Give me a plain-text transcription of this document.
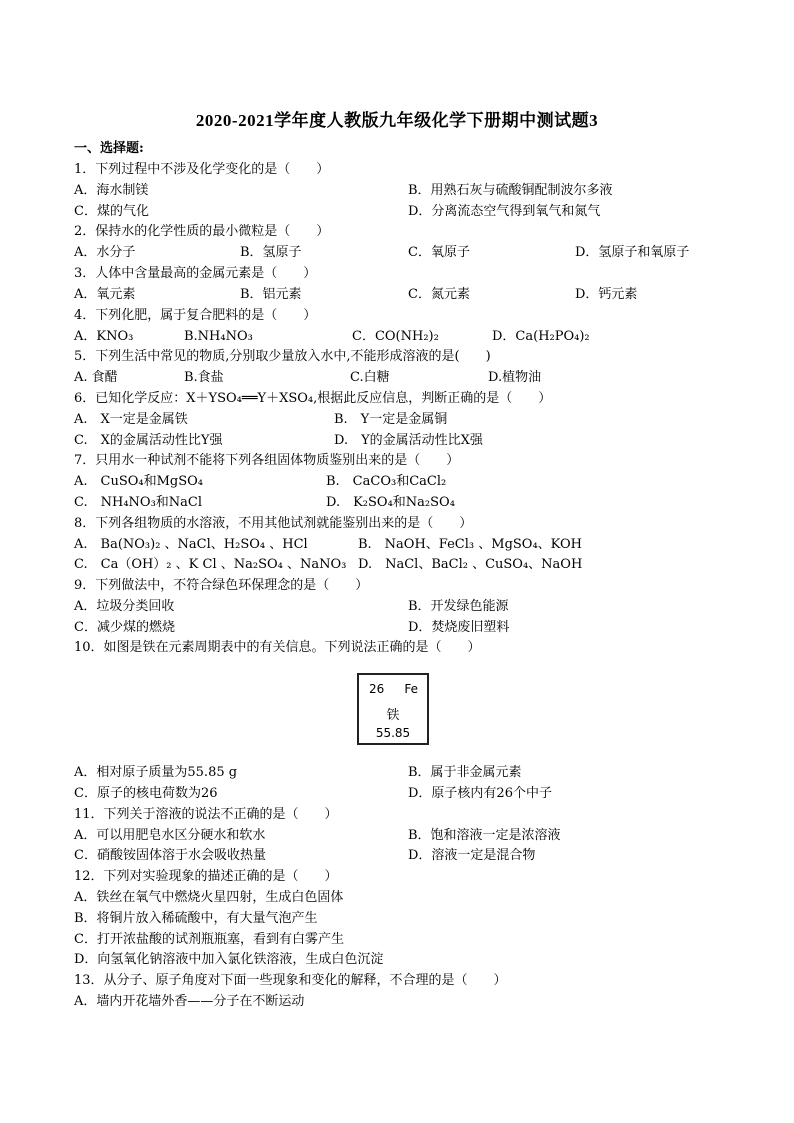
2020-2021学年度人教版九年级化学下册期中测试题3
一、选择题:
1．下列过程中不涉及化学变化的是（　　）
A．海水制镁	B．用熟石灰与硫酸铜配制波尔多液
C．煤的气化	D．分离流态空气得到氧气和氮气
2．保持水的化学性质的最小微粒是（　　）
A．水分子	B．氢原子	C．氧原子	D．氢原子和氧原子
3．人体中含量最高的金属元素是（　　）
A．氧元素	B．铝元素	C．氮元素	D．钙元素
4．下列化肥，属于复合肥料的是（　　）
A．KNO₃	B.NH₄NO₃	C．CO(NH₂)₂	D．Ca(H₂PO₄)₂
5．下列生活中常见的物质,分别取少量放入水中,不能形成溶液的是(　　)
A. 食醋	B.食盐	C.白糖	D.植物油
6．已知化学反应：X＋YSO₄══Y＋XSO₄,根据此反应信息，判断正确的是（　　）
A.　X一定是金属铁	B.　Y一定是金属铜
C.　X的金属活动性比Y强	D.　Y的金属活动性比X强
7．只用水一种试剂不能将下列各组固体物质鉴别出来的是（　　）
A.　CuSO₄和MgSO₄	B.　CaCO₃和CaCl₂
C.　NH₄NO₃和NaCl	D.　K₂SO₄和Na₂SO₄
8．下列各组物质的水溶液，不用其他试剂就能鉴别出来的是（　　）
A.　Ba(NO₃)₂ 、NaCl、H₂SO₄ 、HCl	B.　NaOH、FeCl₃ 、MgSO₄、KOH
C.　Ca（OH）₂ 、K Cl 、Na₂SO₄ 、NaNO₃ D.　NaCl、BaCl₂ 、CuSO₄、NaOH
9．下列做法中，不符合绿色环保理念的是（　　）
A．垃圾分类回收	B．开发绿色能源
C．减少煤的燃烧	D．焚烧废旧塑料
10．如图是铁在元素周期表中的有关信息。下列说法正确的是（　　）
26 Fe
铁
55.85
A．相对原子质量为55.85 g	B．属于非金属元素
C．原子的核电荷数为26	D．原子核内有26个中子
11．下列关于溶液的说法不正确的是（　　）
A．可以用肥皂水区分硬水和软水	B．饱和溶液一定是浓溶液
C．硝酸铵固体溶于水会吸收热量	D．溶液一定是混合物
12．下列对实验现象的描述正确的是（　　）
A．铁丝在氧气中燃烧火星四射，生成白色固体
B．将铜片放入稀硫酸中，有大量气泡产生
C．打开浓盐酸的试剂瓶瓶塞，看到有白雾产生
D．向氢氧化钠溶液中加入氯化铁溶液，生成白色沉淀
13．从分子、原子角度对下面一些现象和变化的解释，不合理的是（　　）
A．墙内开花墙外香——分子在不断运动
